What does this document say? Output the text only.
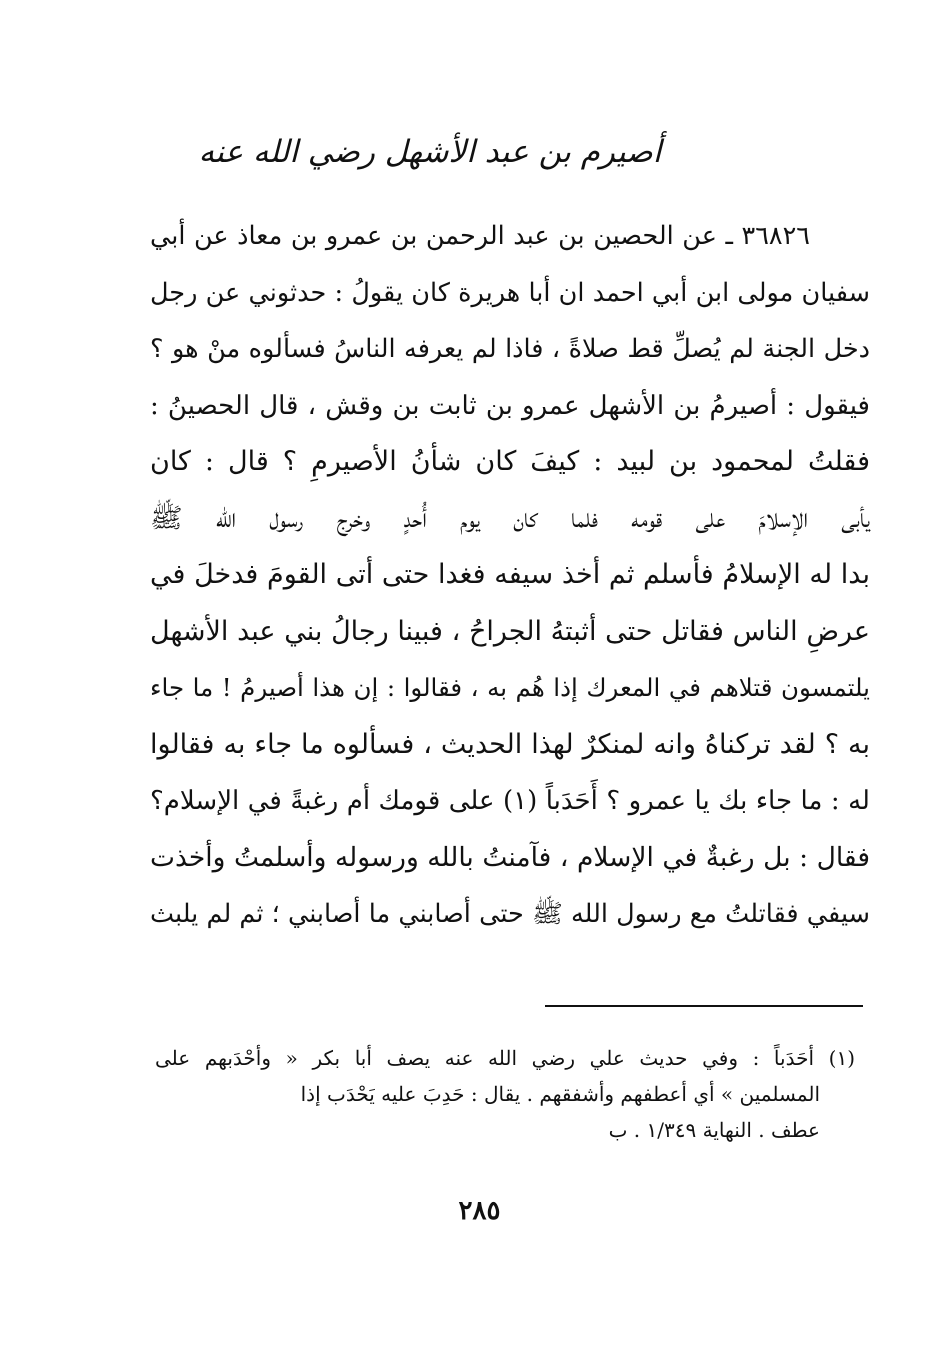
أصيرم بن عبد الأشهل رضي الله عنه
٣٦٨٢٦ ـ عن الحصين بن عبد الرحمن بن عمرو بن معاذ عن أبي
سفيان مولى ابن أبي احمد ان أبا هريرة كان يقولُ : حدثوني عن رجل
دخل الجنة لم يُصلِّ قط صلاةً ، فاذا لم يعرفه الناسُ فسألوه منْ هو ؟
فيقول : أصيرمُ بن الأشهل عمرو بن ثابت بن وقش ، قال الحصينُ :
فقلتُ لمحمود بن لبيد : كيفَ كان شأنُ الأصيرمِ ؟ قال : كان
يأبى الإسلامَ على قومه فلما كان يوم أُحدٍ وخرج رسول الله ﷺ
بدا له الإسلامُ فأسلم ثم أخذ سيفه فغدا حتى أتى القومَ فدخلَ في
عرضِ الناس فقاتل حتى أثبتهُ الجراحُ ، فبينا رجالُ بني عبد الأشهل
يلتمسون قتلاهم في المعرك إذا هُم به ، فقالوا : إن هذا أصيرمُ ! ما جاء
به ؟ لقد تركناهُ وانه لمنكرٌ لهذا الحديث ، فسألوه ما جاء به فقالوا
له : ما جاء بك يا عمرو ؟ أَحَدَباً (١) على قومك أم رغبةً في الإسلام؟
فقال : بل رغبةٌ في الإسلام ، فآمنتُ بالله ورسوله وأسلمتُ وأخذت
سيفي فقاتلتُ مع رسول الله ﷺ حتى أصابني ما أصابني ؛ ثم لم يلبث
(١) أحَدَباً : وفي حديث علي رضي الله عنه يصف أبا بكر « وأحْدَبهم على
المسلمين » أي أعطفهم وأشفقهم . يقال : حَدِبَ عليه يَحْدَب إذا
عطف . النهاية ١/٣٤٩ . ب
٢٨٥
